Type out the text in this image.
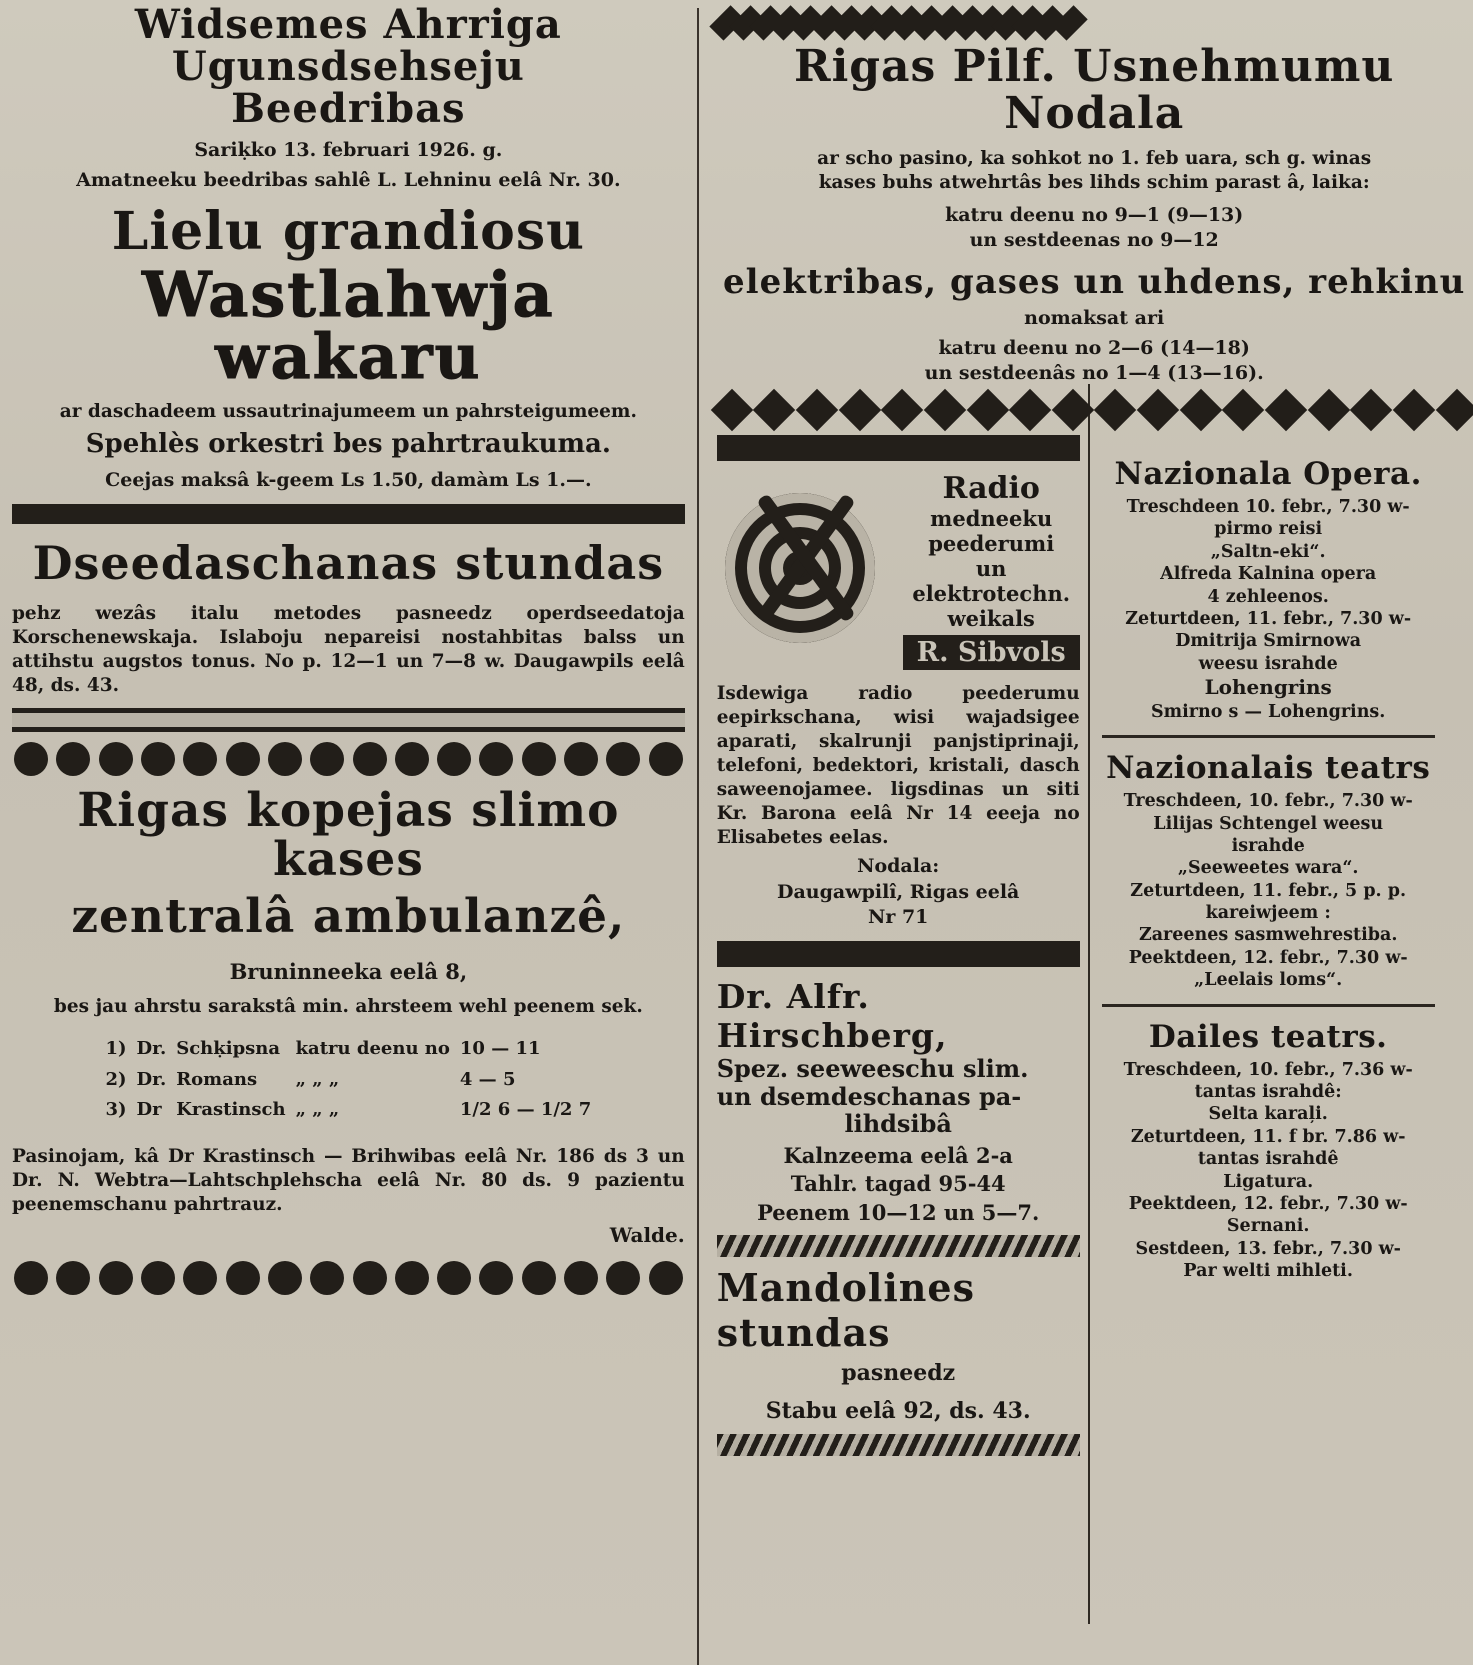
Widsemes Ahrriga Ugunsdsehseju
Beedribas
Sariḳko 13. februari 1926. g.
Amatneeku beedribas sahlê L. Lehninu eelâ Nr. 30.
Lielu grandiosu
Wastlahwja wakaru
ar daschadeem ussautrinajumeem un pahrsteigumeem.
Spehlès orkestri bes pahrtraukuma.
Ceejas maksâ k-geem Ls 1.50, damàm Ls 1.—.
Dseedaschanas stundas
pehz wezâs italu metodes pasneedz operdseedatoja Korschenewskaja. Islaboju nepareisi nostahbitas balss un attihstu augstos tonus. No p. 12—1 un 7—8 w. Daugawpils eelâ 48, ds. 43.
Rigas kopejas slimo kases
zentralâ ambulanzê,
Bruninneeka eelâ 8,
bes jau ahrstu sarakstâ min. ahrsteem wehl peenem sek.
1)	Dr.	Schḳipsna	katru deenu no	10 — 11
2)	Dr.	Romans	„ „ „	4 — 5
3)	Dr	Krastinsch	„ „ „	1/2 6 — 1/2 7
Pasinojam, kâ Dr Krastinsch — Brihwibas eelâ Nr. 186 ds 3 un Dr. N. Webtra—Lahtschplehscha eelâ Nr. 80 ds. 9 pazientu peenemschanu pahrtrauz.
Walde.
Rigas Pilf. Usnehmumu
Nodala
ar scho pasino, ka sohkot no 1. feb uara, sch g. winas
kases buhs atwehrtâs bes lihds schim parast â, laika:
katru deenu no 9—1 (9—13)
un sestdeenas no 9—12
elektribas, gases un uhdens, rehkinu
nomaksat ari
katru deenu no 2—6 (14—18)
un sestdeenâs no 1—4 (13—16).
Radio
medneeku
peederumi
un
elektrotechn.
weikals
R. Sibvols
Isdewiga radio peederumu eepirkschana, wisi wajadsigee aparati, skalrunji panjstiprinaji, telefoni, bedektori, kristali, dasch saweenojamee. ligsdinas un siti Kr. Barona eelâ Nr 14 eeeja no Elisabetes eelas.
Nodala:
Daugawpilî, Rigas eelâ
Nr 71
Dr. Alfr. Hirschberg,
Spez. seeweeschu slim.
un dsemdeschanas pa-
lihdsibâ
Kalnzeema eelâ 2-a
Tahlr. tagad 95-44
Peenem 10—12 un 5—7.
Mandolines stundas
pasneedz
Stabu eelâ 92, ds. 43.
Nazionala Opera.
Treschdeen 10. febr., 7.30 w-
pirmo reisi
„Saltn-eki“.
Alfreda Kalnina opera
4 zehleenos.
Zeturtdeen, 11. febr., 7.30 w-
Dmitrija Smirnowa
weesu israhde
Lohengrins
Smirno s — Lohengrins.
Nazionalais teatrs
Treschdeen, 10. febr., 7.30 w-
Lilijas Schtengel weesu
israhde
„Seeweetes wara“.
Zeturtdeen, 11. febr., 5 p. p.
kareiwjeem :
Zareenes sasmwehrestiba.
Peektdeen, 12. febr., 7.30 w-
„Leelais loms“.
Dailes teatrs.
Treschdeen, 10. febr., 7.36 w-
tantas israhdê:
Selta karaļi.
Zeturtdeen, 11. f br. 7.86 w-
tantas israhdê
Ligatura.
Peektdeen, 12. febr., 7.30 w-
Sernani.
Sestdeen, 13. febr., 7.30 w-
Par welti mihleti.
